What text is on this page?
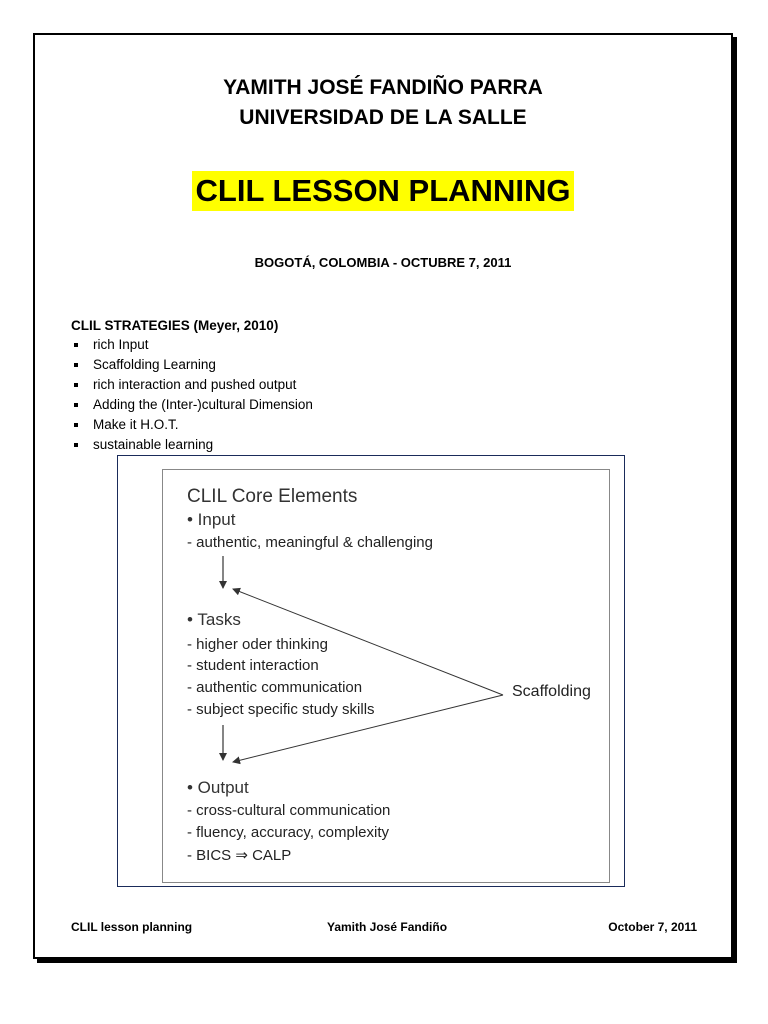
YAMITH JOSÉ FANDIÑO PARRA
UNIVERSIDAD DE LA SALLE
CLIL LESSON PLANNING
BOGOTÁ, COLOMBIA - OCTUBRE 7, 2011
CLIL STRATEGIES (Meyer, 2010)
rich Input
Scaffolding Learning
rich interaction and pushed output
Adding the (Inter-)cultural Dimension
Make it H.O.T.
sustainable learning
CLIL Core Elements
• Input
- authentic, meaningful & challenging
• Tasks
- higher oder thinking
- student interaction
- authentic communication
- subject specific study skills
• Output
- cross-cultural communication
- fluency, accuracy, complexity
- BICS ⇒ CALP
Scaffolding
CLIL lesson planning	Yamith José Fandiño	October 7, 2011
